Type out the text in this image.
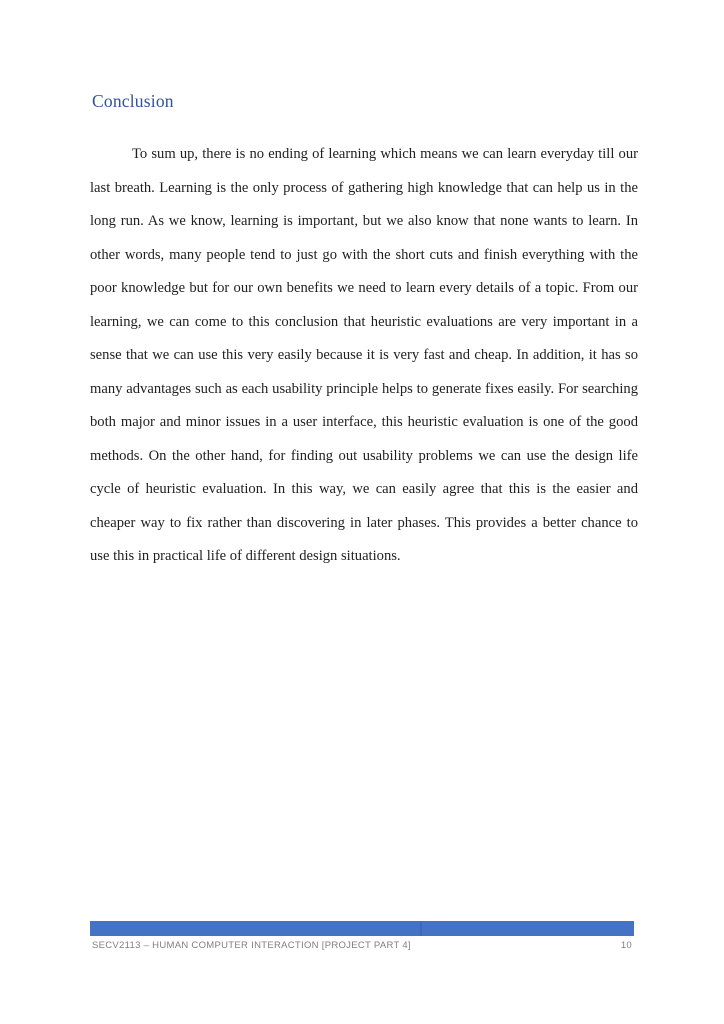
Conclusion

To sum up, there is no ending of learning which means we can learn everyday till our last breath. Learning is the only process of gathering high knowledge that can help us in the long run. As we know, learning is important, but we also know that none wants to learn. In other words, many people tend to just go with the short cuts and finish everything with the poor knowledge but for our own benefits we need to learn every details of a topic. From our learning, we can come to this conclusion that heuristic evaluations are very important in a sense that we can use this very easily because it is very fast and cheap. In addition, it has so many advantages such as each usability principle helps to generate fixes easily. For searching both major and minor issues in a user interface, this heuristic evaluation is one of the good methods. On the other hand, for finding out usability problems we can use the design life cycle of heuristic evaluation. In this way, we can easily agree that this is the easier and cheaper way to fix rather than discovering in later phases. This provides a better chance to use this in practical life of different design situations.

SECV2113 – HUMAN COMPUTER INTERACTION [PROJECT PART 4]	10
